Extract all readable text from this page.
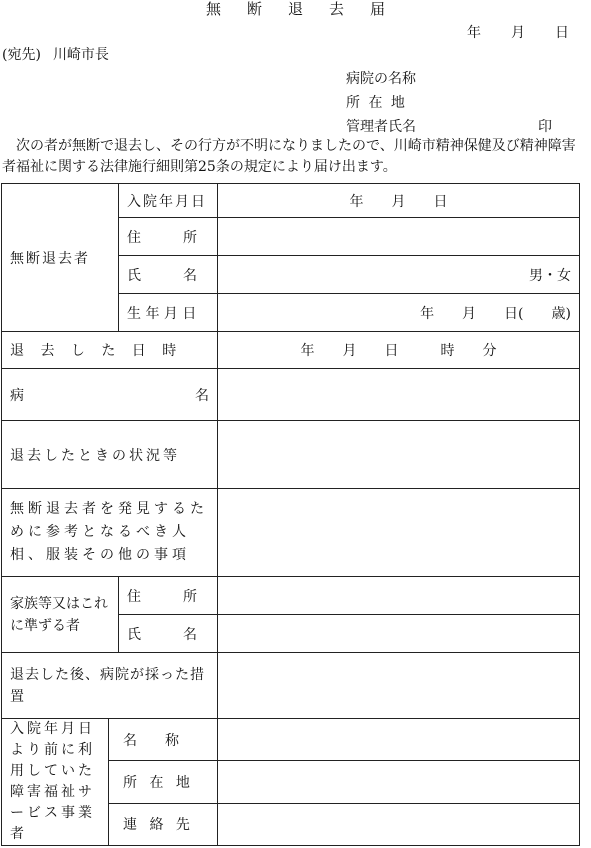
無 断 退 去 届
年 月 日
(宛先) 川崎市長
病院の名称
所 在 地
管理者氏名	印

次の者が無断で退去し、その行方が不明になりましたので、川崎市精神保健及び精神障害者福祉に関する法律施行細則第25条の規定により届け出ます。

無断退去者		入院年月日	年　　月　　日
		住　　　所	
		氏　　　名	男・女
		生 年 月 日	年　　月　　日(　　歳)
退 去 し た 日 時			年　　月　　日　　　時　　分
病 名			

退去したときの状況等			
無断退去者を発見するために参考となるべき人相、服装その他の事項			
家族等又はこれに準ずる者		住　　　所	
		氏　　　名	
退去した後、病院が採った措置			
入院年月日より前に利用していた障害福祉サービス事業者	名　　称		
	所 在 地		
	連 絡 先		
